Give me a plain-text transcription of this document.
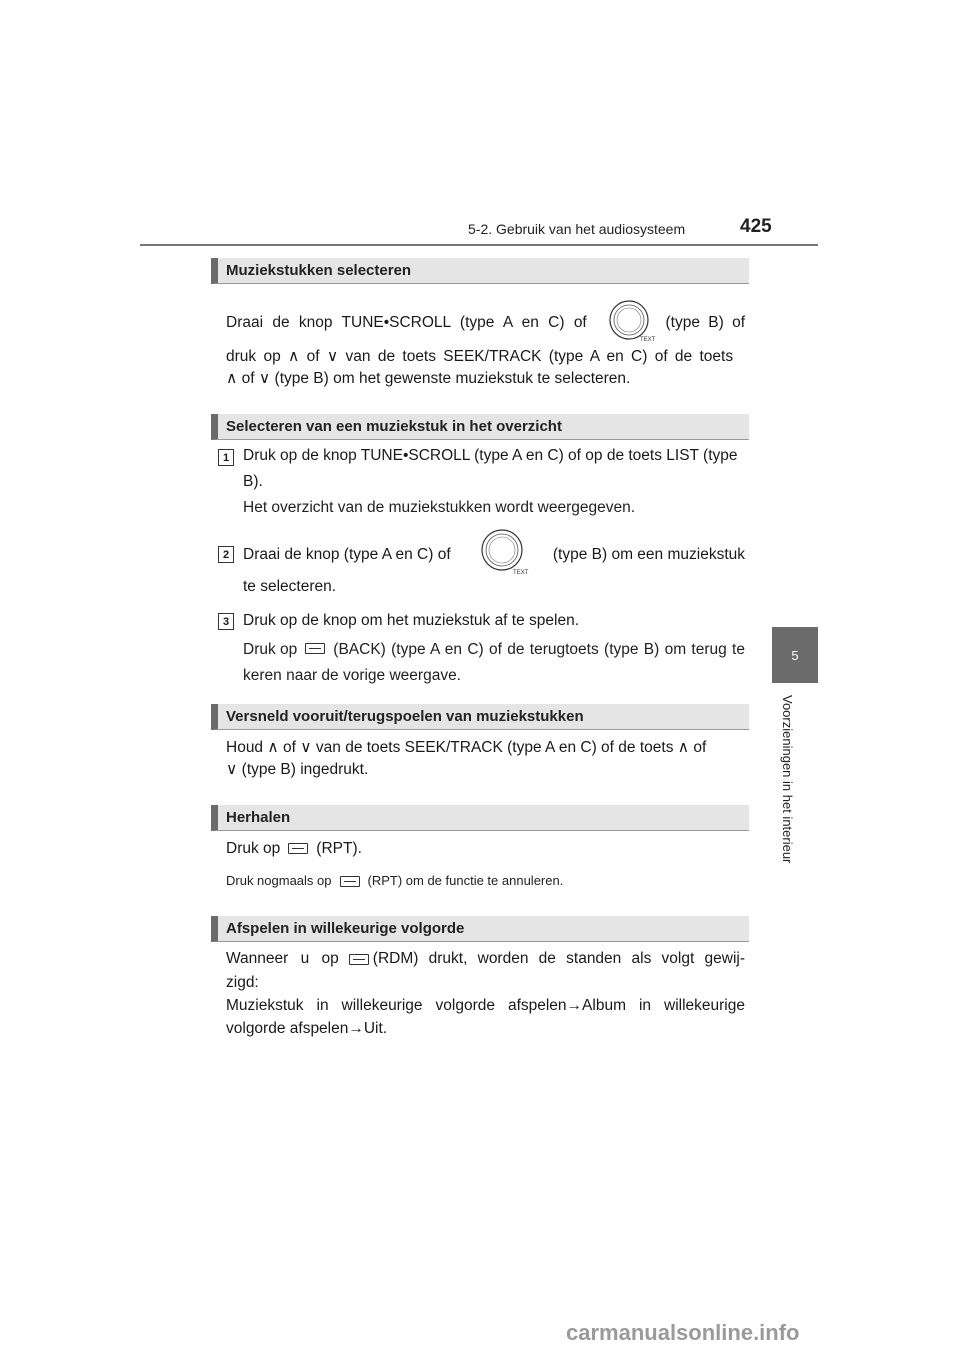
5-2. Gebruik van het audiosysteem	425
5
Voorzieningen in het interieur
Muziekstukken selecteren
Draai de knop TUNE•SCROLL (type A en C) of
TEXT
(type B) of
druk op ∧ of ∨ van de toets SEEK/TRACK (type A en C) of de toets
∧ of ∨ (type B) om het gewenste muziekstuk te selecteren.
Selecteren van een muziekstuk in het overzicht
1 Druk op de knop TUNE•SCROLL (type A en C) of op de toets LIST (type B).
Het overzicht van de muziekstukken wordt weergegeven.
2 Draai de knop (type A en C) of
TEXT
(type B) om een muziekstuk
te selecteren.
3 Druk op de knop om het muziekstuk af te spelen.
Druk op (BACK) (type A en C) of de terugtoets (type B) om terug te
keren naar de vorige weergave.
Versneld vooruit/terugspoelen van muziekstukken
Houd ∧ of ∨ van de toets SEEK/TRACK (type A en C) of de toets ∧ of
∨ (type B) ingedrukt.
Herhalen
Druk op (RPT).
Druk nogmaals op	(RPT) om de functie te annuleren.
Afspelen in willekeurige volgorde
Wanneer u op (RDM) drukt, worden de standen als volgt gewij-
zigd:
Muziekstuk in willekeurige volgorde afspelen→Album in willekeurige
volgorde afspelen→Uit.
carmanualsonline.info
